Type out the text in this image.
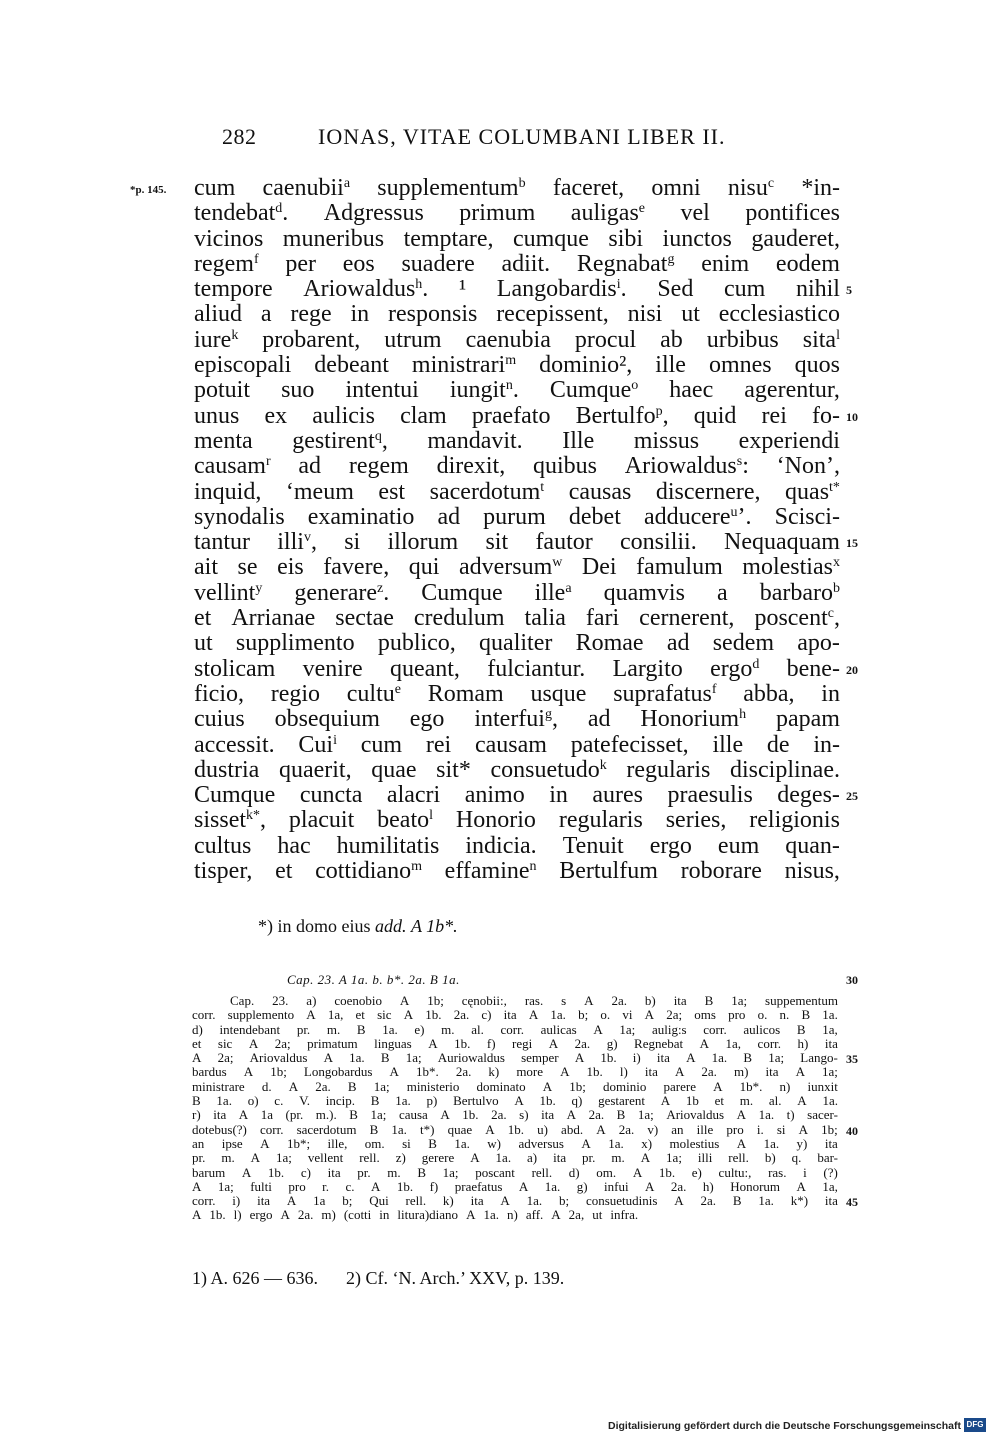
282	IONAS, VITAE COLUMBANI LIBER II.
*p. 145. cum caenubii$^a$ supplementum$^b$ faceret, omni nisu$^c$ *in-
tendebat$^d$. Adgressus primum auligas$^e$ vel pontifices
vicinos muneribus temptare, cumque sibi iunctos gauderet,
regem$^f$ per eos suadere adiit. Regnabat$^g$ enim eodem
tempore Ariowaldus$^h$. ¹ Langobardis$^i$. Sed cum nihil
aliud a rege in responsis recepissent, nisi ut ecclesiastico
iure$^k$ probarent, utrum caenubia procul ab urbibus sita$^l$
episcopali debeant ministrari$^m$ dominio², ille omnes quos
potuit suo intentui iungit$^n$. Cumque$^o$ haec agerentur,
unus ex aulicis clam praefato Bertulfo$^p$, quid rei fo-
menta gestirent$^q$, mandavit. Ille missus experiendi
causam$^r$ ad regem direxit, quibus Ariowaldus$^s$: ‘Non’,
inquid, ‘meum est sacerdotum$^t$ causas discernere, quas$^{t*}$
synodalis examinatio ad purum debet adducere$^u$’. Sciscі-
tantur illi$^v$, si illorum sit fautor consilii. Nequaquam
ait se eis favere, qui adversum$^w$ Dei famulum molestias$^x$
vellint$^y$ generare$^z$. Cumque ille$^a$ quamvis a barbaro$^b$
et Arrianae sectae credulum talia fari cernerent, poscent$^c$,
ut supplimento publico, qualiter Romae ad sedem apo-
stolicam venire queant, fulciantur. Largito ergo$^d$ bene-
ficio, regio cultu$^e$ Romam usque suprafatus$^f$ abba, in
cuius obsequium ego interfui$^g$, ad Honorium$^h$ papam
accessit. Cui$^i$ cum rei causam patefecisset, ille de in-
dustria quaerit, quae sit* consuetudo$^k$ regularis disciplinae.
Cumque cuncta alacri animo in aures praesulis deges-
sisset$^{k*}$, placuit beato$^l$ Honorio regularis series, religionis
cultus hac humilitatis indicia. Tenuit ergo eum quan-
tisper, et cottidiano$^m$ effamine$^n$ Bertulfum roborare nisus,
5
10
15
20
25
*) in domo eius add. A 1b*.
Cap. 23. A 1a. b. b*. 2a. B 1a.
Cap. 23. a) coenobio A 1b; cęnobii:, ras. s A 2a. b) ita B 1a; suppementum
corr. supplemento A 1a, et sic A 1b. 2a. c) ita A 1a. b; o. vi A 2a; oms pro o. n. B 1a.
d) intendebant pr. m. B 1a. e) m. al. corr. aulicas A 1a; aulig:s corr. aulicos B 1a,
et sic A 2a; primatum linguas A 1b. f) regi A 2a. g) Regnebat A 1a, corr. h) ita
A 2a; Ariovaldus A 1a. B 1a; Auriowaldus semper A 1b. i) ita A 1a. B 1a; Lango-
bardus A 1b; Longobardus A 1b*. 2a. k) more A 1b. l) ita A 2a. m) ita A 1a;
ministrare d. A 2a. B 1a; ministerio dominato A 1b; dominio parere A 1b*. n) iunxit
B 1a. o) c. V. incip. B 1a. p) Bertulvo A 1b. q) gestarent A 1b et m. al. A 1a.
r) ita A 1a (pr. m.). B 1a; causa A 1b. 2a. s) ita A 2a. B 1a; Ariovaldus A 1a. t) sacer-
dotebus(?) corr. sacerdotum B 1a. t*) quae A 1b. u) abd. A 2a. v) an ille pro i. si A 1b;
an ipse A 1b*; ille, om. si B 1a. w) adversus A 1a. x) molestius A 1a. y) ita
pr. m. A 1a; vellent rell. z) gerere A 1a. a) ita pr. m. A 1a; illi rell. b) q. bar-
barum A 1b. c) ita pr. m. B 1a; poscant rell. d) om. A 1b. e) cultu:, ras. i (?)
A 1a; fulti pro r. c. A 1b. f) praefatus A 1a. g) infui A 2a. h) Honorum A 1a,
corr. i) ita A 1a b; Qui rell. k) ita A 1a. b; consuetudinis A 2a. B 1a. k*) ita
A 1b. l) ergo A 2a. m) (cotti in litura)diano A 1a. n) aff. A 2a, ut infra.
30
35
40
45
1) A. 626 — 636. 2) Cf. ‘N. Arch.’ XXV, p. 139.
Digitalisierung gefördert durch die Deutsche Forschungsgemeinschaft DFG
